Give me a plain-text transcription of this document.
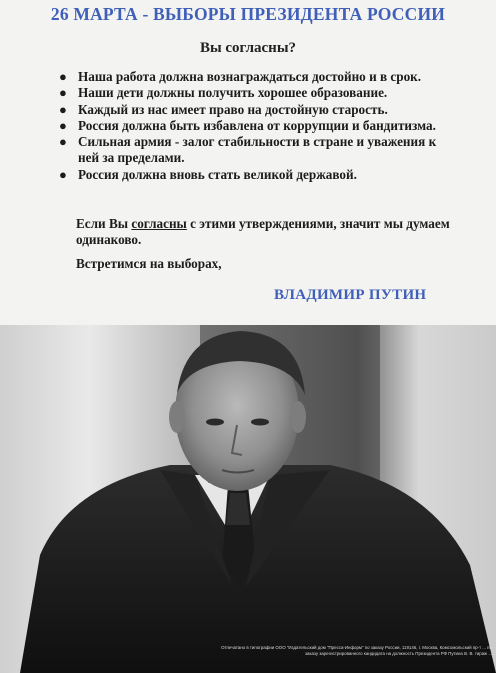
26 МАРТА - ВЫБОРЫ ПРЕЗИДЕНТА РОССИИ
Вы согласны?
● Наша работа должна вознаграждаться достойно и в срок.
● Наши дети должны получить хорошее образование.
● Каждый из нас имеет право на достойную старость.
● Россия должна быть избавлена от коррупции и бандитизма.
● Сильная армия - залог стабильности в стране и уважения к ней за пределами.
● Россия должна вновь стать великой державой.
Если Вы согласны с этими утверждениями, значит мы думаем одинаково.
Встретимся на выборах,
ВЛАДИМИР ПУТИН
Отпечатано в типографии ООО "Издательский дом "Пресса-Информ" по заказу России, 119146, г. Москва, Комсомольский пр-т ... по заказу зарегистрированного кандидата на должность Президента РФ Путина В. В. тираж ...
